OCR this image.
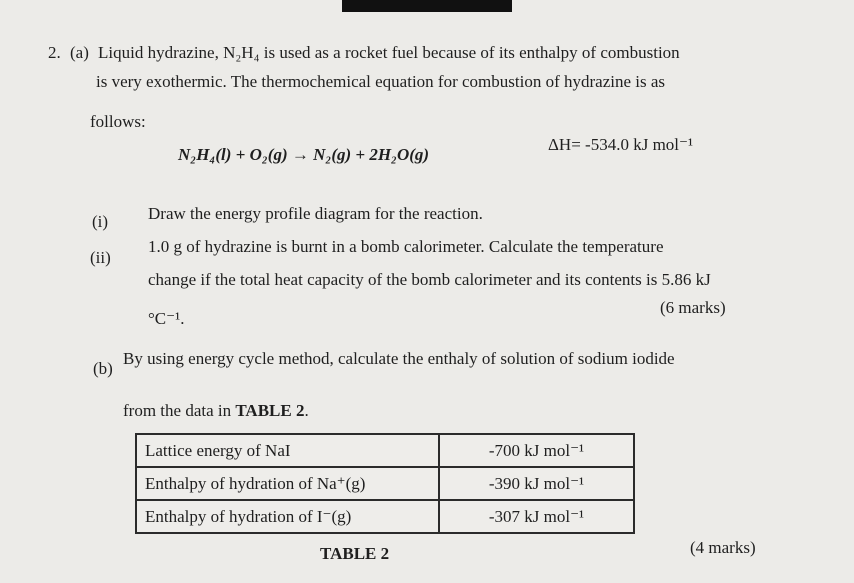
2. (a) Liquid hydrazine, N₂H₄ is used as a rocket fuel because of its enthalpy of combustion
is very exothermic. The thermochemical equation for combustion of hydrazine is as
follows:
N₂H₄(l) + O₂(g) → N₂(g) + 2H₂O(g)
ΔH= -534.0 kJ mol⁻¹
(i) Draw the energy profile diagram for the reaction.
(ii)
1.0 g of hydrazine is burnt in a bomb calorimeter. Calculate the temperature
change if the total heat capacity of the bomb calorimeter and its contents is 5.86 kJ
°C⁻¹.
(6 marks)
(b)
By using energy cycle method, calculate the enthaly of solution of sodium iodide
from the data in TABLE 2.
Lattice energy of NaI	-700 kJ mol⁻¹
Enthalpy of hydration of Na⁺(g)	-390 kJ mol⁻¹
Enthalpy of hydration of I⁻(g)	-307 kJ mol⁻¹
TABLE 2	(4 marks)
